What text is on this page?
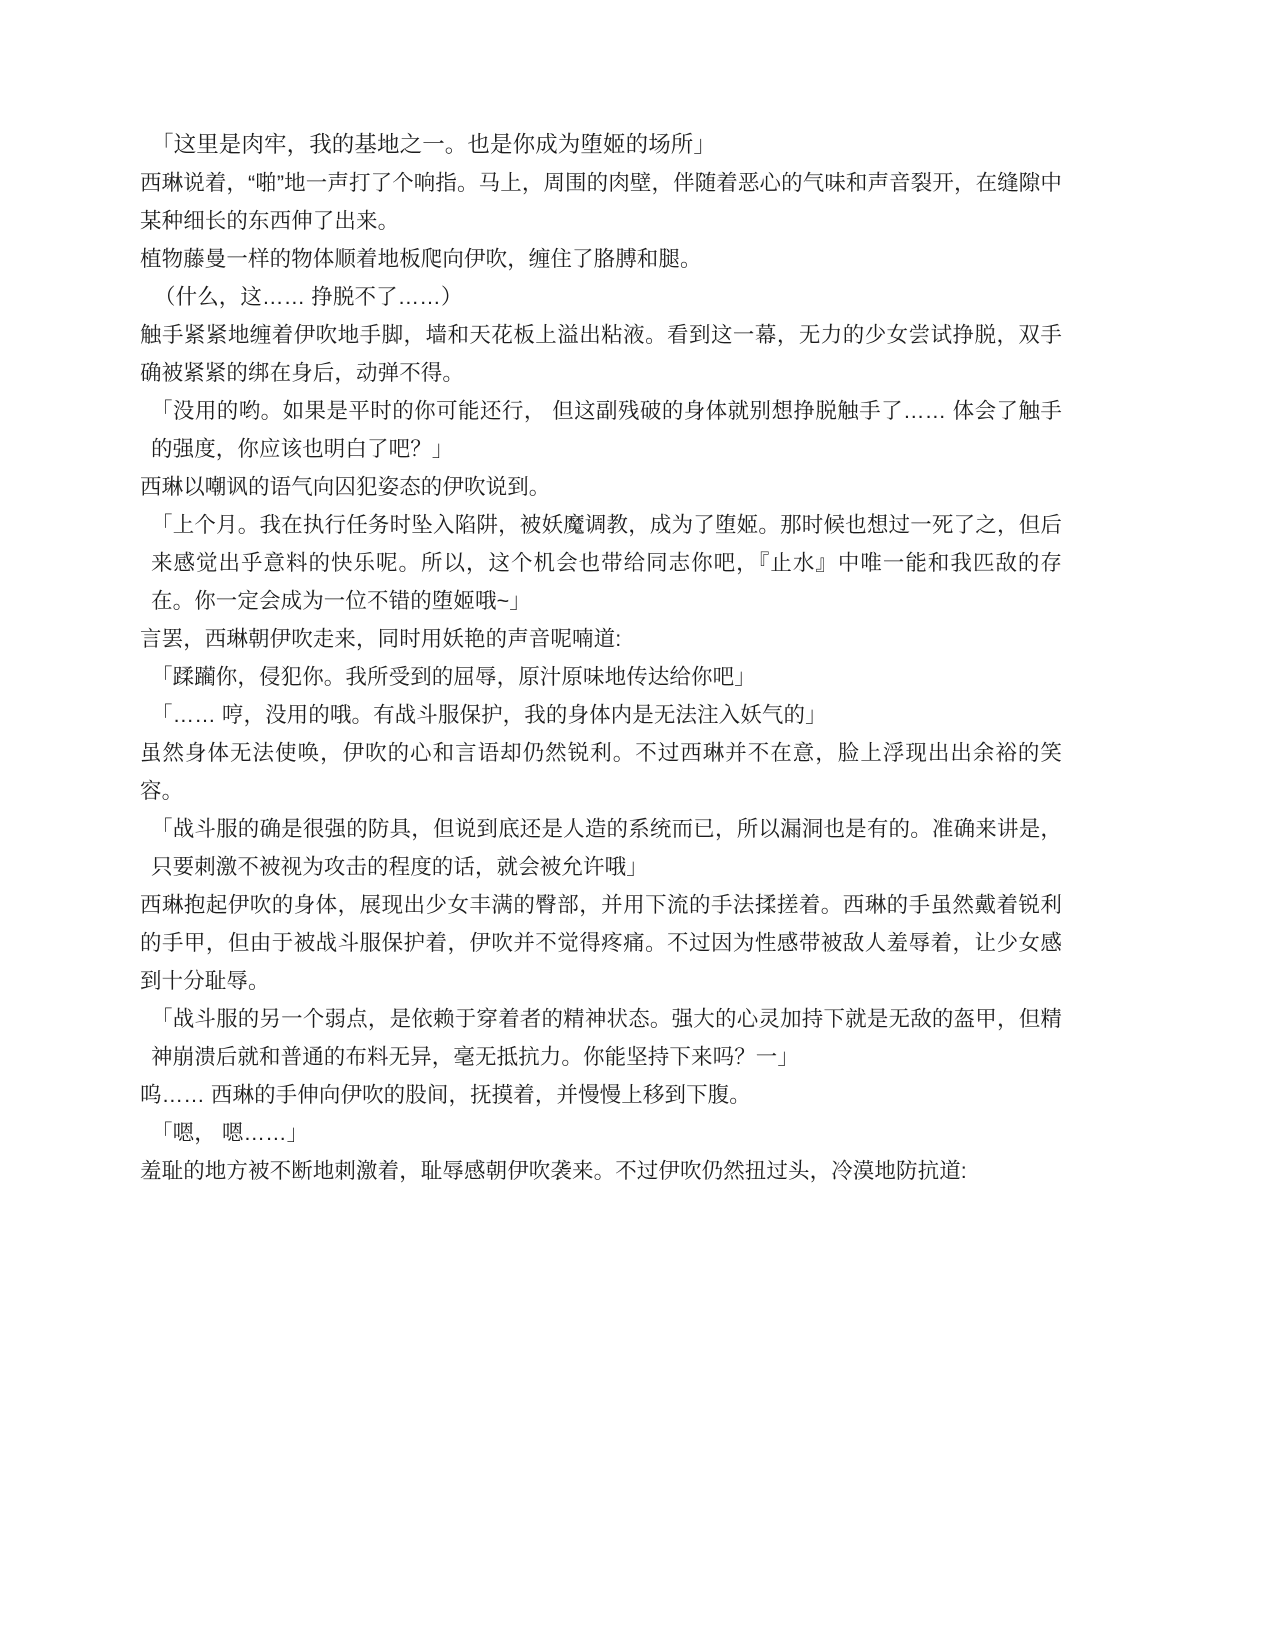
「这里是肉牢，我的基地之一。也是你成为堕姬的场所」

西琳说着，“啪”地一声打了个响指。马上，周围的肉壁，伴随着恶心的气味和声音裂开，在缝隙中某种细长的东西伸了出来。

植物藤曼一样的物体顺着地板爬向伊吹，缠住了胳膊和腿。

（什么，这…… 挣脱不了……）

触手紧紧地缠着伊吹地手脚，墙和天花板上溢出粘液。看到这一幕，无力的少女尝试挣脱，双手确被紧紧的绑在身后，动弹不得。

「没用的哟。如果是平时的你可能还行， 但这副残破的身体就别想挣脱触手了…… 体会了触手的强度，你应该也明白了吧？」

西琳以嘲讽的语气向囚犯姿态的伊吹说到。

「上个月。我在执行任务时坠入陷阱，被妖魔调教，成为了堕姬。那时候也想过一死了之，但后来感觉出乎意料的快乐呢。所以，这个机会也带给同志你吧，『止水』中唯一能和我匹敌的存在。你一定会成为一位不错的堕姬哦~」

言罢，西琳朝伊吹走来，同时用妖艳的声音呢喃道:

「蹂躏你，侵犯你。我所受到的屈辱，原汁原味地传达给你吧」

「…… 哼，没用的哦。有战斗服保护，我的身体内是无法注入妖气的」

虽然身体无法使唤，伊吹的心和言语却仍然锐利。不过西琳并不在意，脸上浮现出出余裕的笑容。

「战斗服的确是很强的防具，但说到底还是人造的系统而已，所以漏洞也是有的。准确来讲是，只要刺激不被视为攻击的程度的话，就会被允许哦」

西琳抱起伊吹的身体，展现出少女丰满的臀部，并用下流的手法揉搓着。西琳的手虽然戴着锐利的手甲，但由于被战斗服保护着，伊吹并不觉得疼痛。不过因为性感带被敌人羞辱着，让少女感到十分耻辱。

「战斗服的另一个弱点，是依赖于穿着者的精神状态。强大的心灵加持下就是无敌的盔甲，但精神崩溃后就和普通的布料无异，毫无抵抗力。你能坚持下来吗？一」

呜…… 西琳的手伸向伊吹的股间，抚摸着，并慢慢上移到下腹。

「嗯， 嗯……」

羞耻的地方被不断地刺激着，耻辱感朝伊吹袭来。不过伊吹仍然扭过头，冷漠地防抗道:
